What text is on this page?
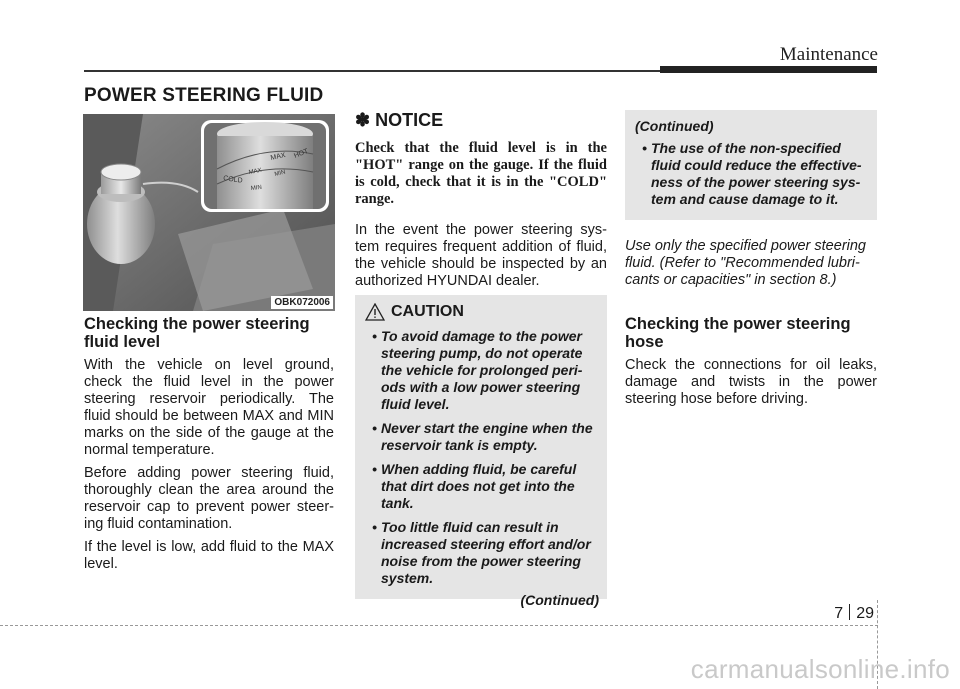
Maintenance
POWER STEERING FLUID
MAX HOT
MAX MIN
COLD
MIN
OBK072006
Checking the power steering fluid level

With the vehicle on level ground, check the fluid level in the power steering reservoir periodically. The fluid should be between MAX and MIN marks on the side of the gauge at the normal temperature.

Before adding power steering fluid, thoroughly clean the area around the reservoir cap to prevent power steer-ing fluid contamination.

If the level is low, add fluid to the MAX level.

✽ NOTICE

Check that the fluid level is in the "HOT" range on the gauge. If the fluid is cold, check that it is in the "COLD" range.

In the event the power steering sys-tem requires frequent addition of fluid, the vehicle should be inspected by an authorized HYUNDAI dealer.

CAUTION
• To avoid damage to the power steering pump, do not operate the vehicle for prolonged peri-ods with a low power steering fluid level.
• Never start the engine when the reservoir tank is empty.
• When adding fluid, be careful that dirt does not get into the tank.
• Too little fluid can result in increased steering effort and/or noise from the power steering system.
(Continued)
(Continued)
• The use of the non-specified fluid could reduce the effective-ness of the power steering sys-tem and cause damage to it.

Use only the specified power steering fluid. (Refer to "Recommended lubri-cants or capacities" in section 8.)

Checking the power steering hose

Check the connections for oil leaks, damage and twists in the power steering hose before driving.

7 29
carmanualsonline.info
